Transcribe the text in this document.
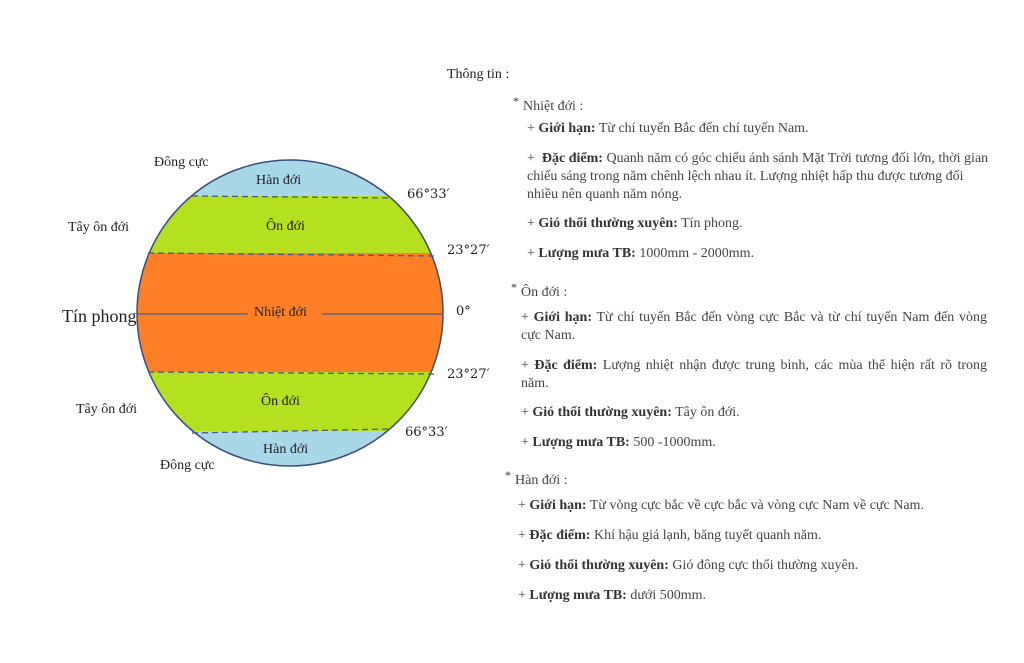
Hàn đới
Ôn đới
Nhiệt đới
Ôn đới
Hàn đới
Đông cực
Tây ôn đới
Tín phong
Tây ôn đới
Đông cực
66°33′
23°27′
0°
23°27′
66°33′
Thông tin :
* Nhiệt đới :
+ Giới hạn: Từ chí tuyến Bắc đến chí tuyến Nam.
+  Đặc điểm: Quanh năm có góc chiếu ánh sánh Mặt Trời tương đối lớn, thời gian chiếu sáng trong năm chênh lệch nhau ít. Lượng nhiệt hấp thu được tương đối nhiều nên quanh năm nóng.
+ Gió thổi thường xuyên: Tín phong.
+ Lượng mưa TB: 1000mm - 2000mm.
* Ôn đới :
+ Giới hạn: Từ chí tuyến Bắc đến vòng cực Bắc và từ chí tuyến Nam đến vòng cực Nam.
+ Đặc điểm: Lượng nhiệt nhận được trung bình, các mùa thể hiện rất rõ trong năm.
+ Gió thổi thường xuyên: Tây ôn đới.
+ Lượng mưa TB: 500 -1000mm.
* Hàn đới :
+ Giới hạn: Từ vòng cực bắc về cực bắc và vòng cực Nam về cực Nam.
+ Đặc điểm: Khí hậu giá lạnh, băng tuyết quanh năm.
+ Gió thổi thường xuyên: Gió đông cực thổi thường xuyên.
+ Lượng mưa TB: dưới 500mm.
